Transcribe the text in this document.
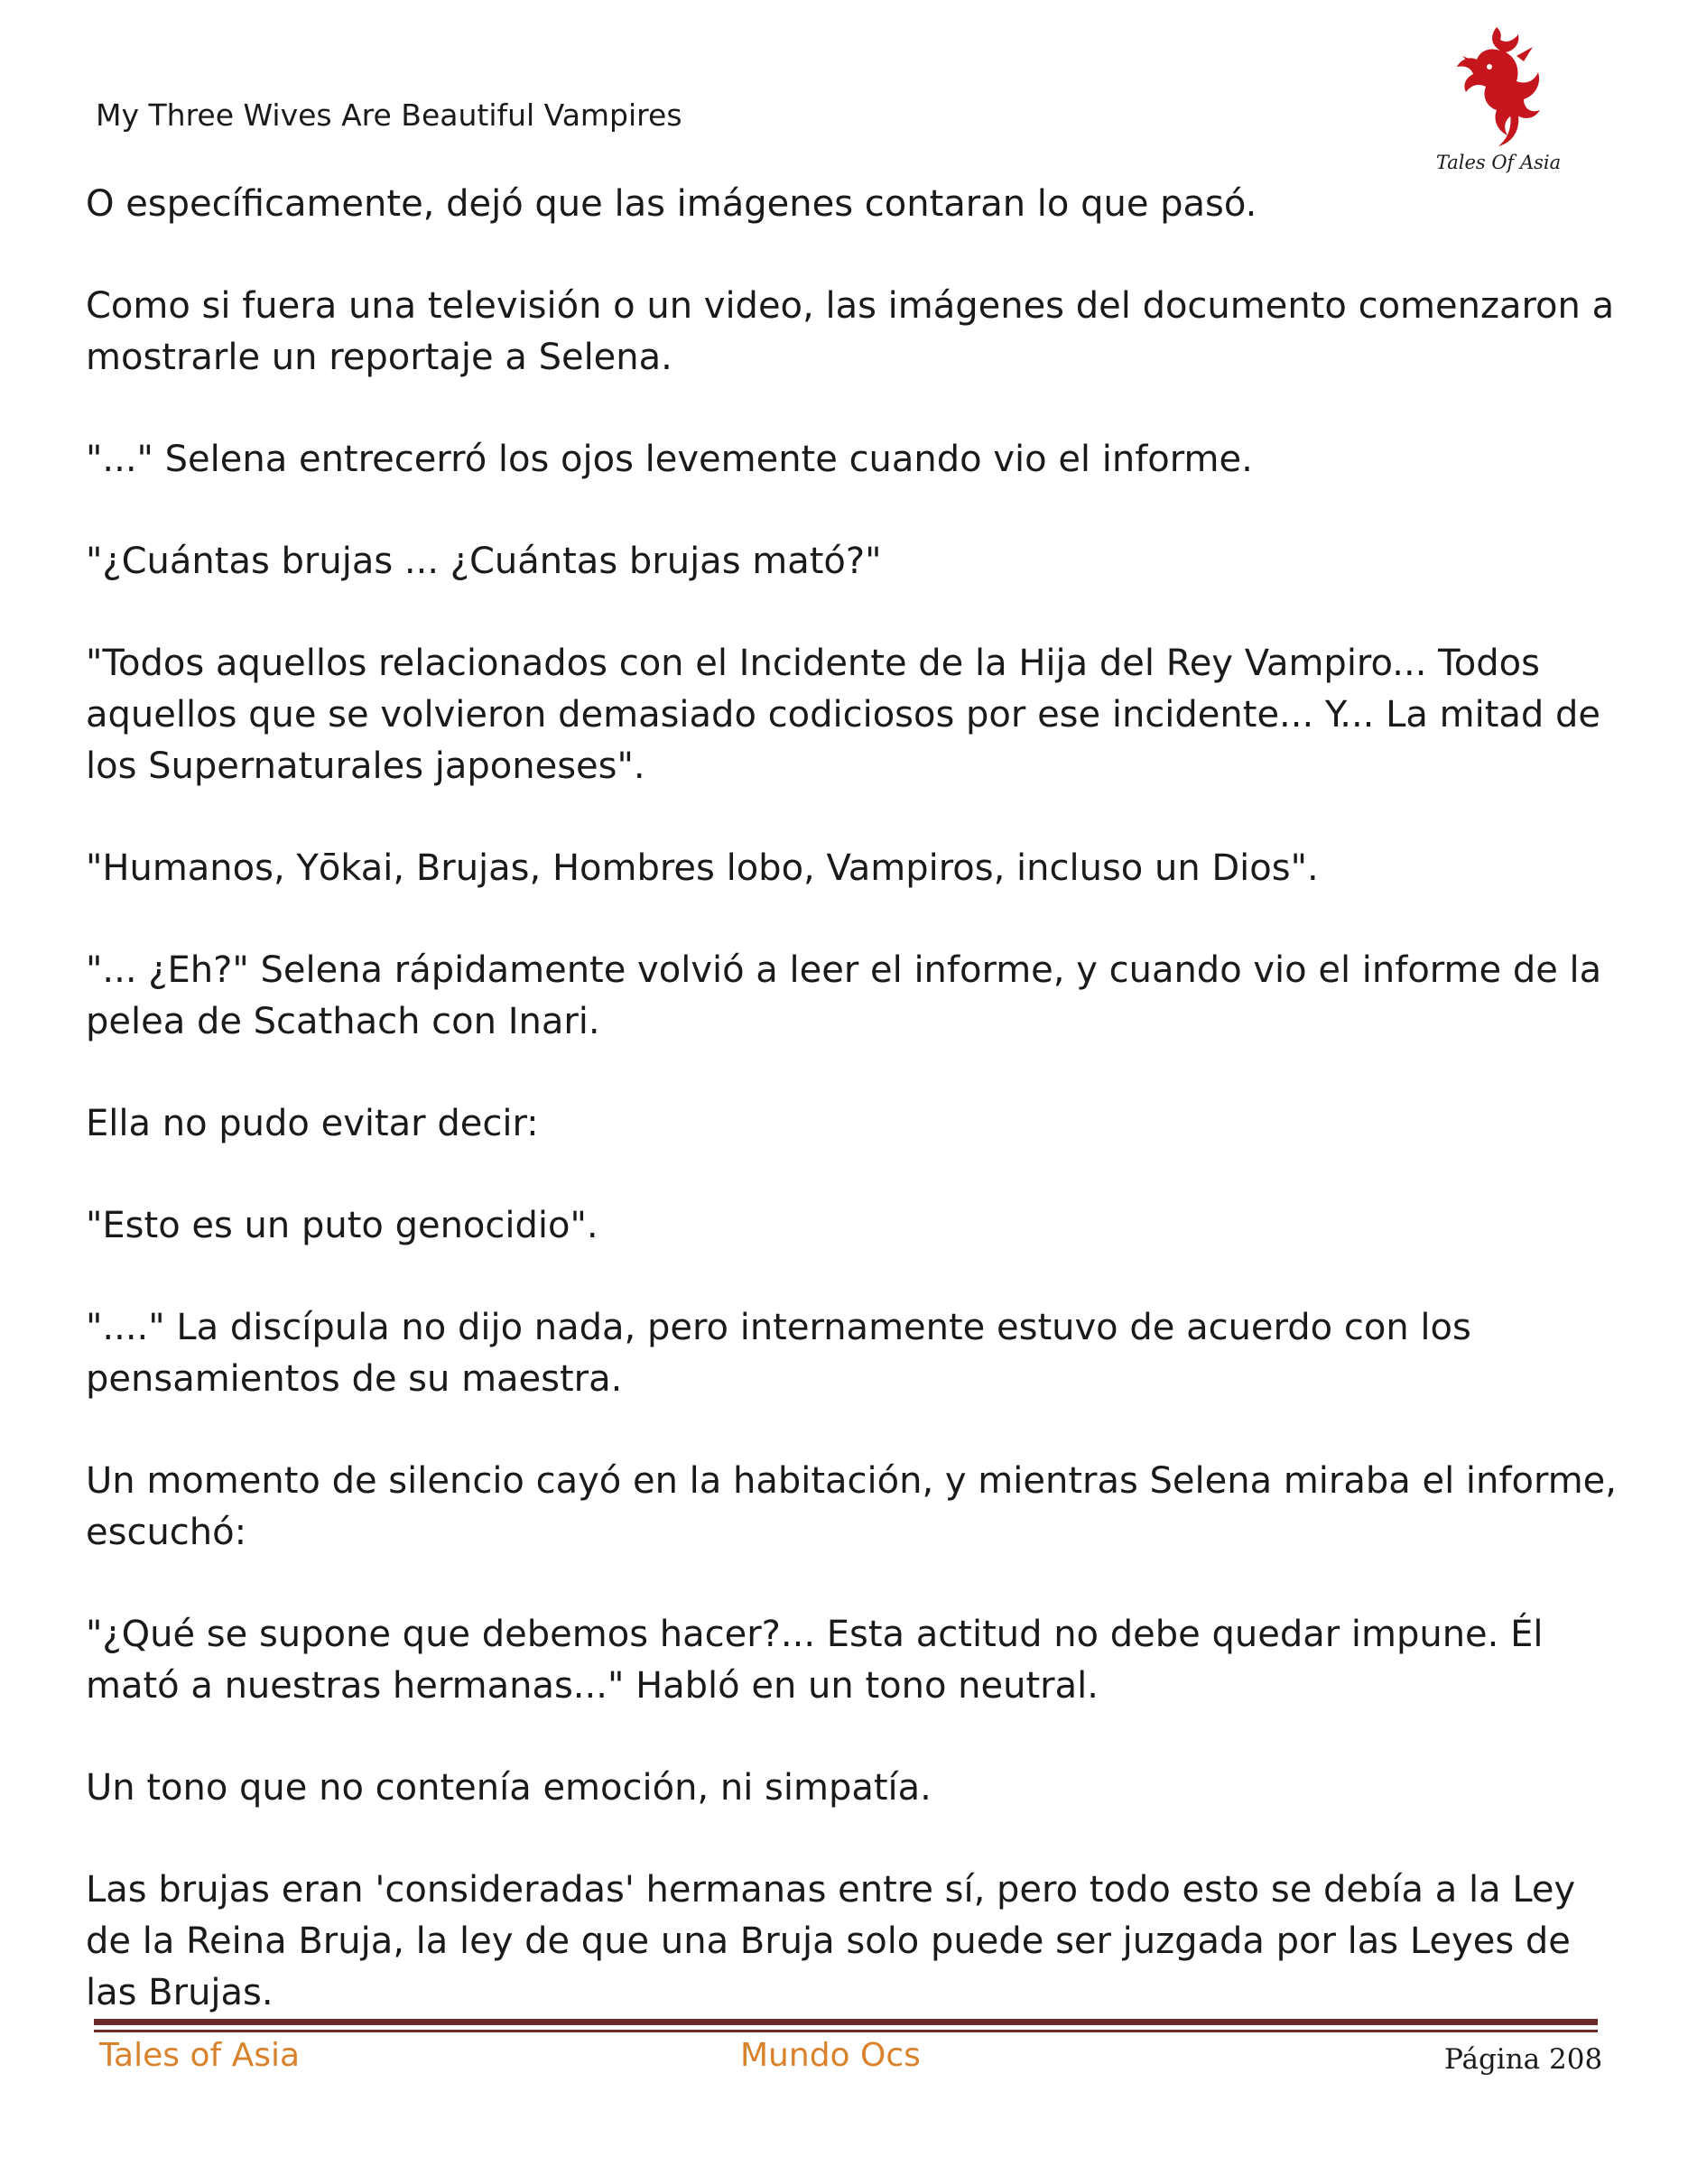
My Three Wives Are Beautiful Vampires
Tales Of Asia

O específicamente, dejó que las imágenes contaran lo que pasó.

Como si fuera una televisión o un video, las imágenes del documento comenzaron a mostrarle un reportaje a Selena.

"..." Selena entrecerró los ojos levemente cuando vio el informe.

"¿Cuántas brujas ... ¿Cuántas brujas mató?"

"Todos aquellos relacionados con el Incidente de la Hija del Rey Vampiro... Todos aquellos que se volvieron demasiado codiciosos por ese incidente... Y... La mitad de los Supernaturales japoneses".

"Humanos, Yōkai, Brujas, Hombres lobo, Vampiros, incluso un Dios".

"... ¿Eh?" Selena rápidamente volvió a leer el informe, y cuando vio el informe de la pelea de Scathach con Inari.

Ella no pudo evitar decir:

"Esto es un puto genocidio".

"...." La discípula no dijo nada, pero internamente estuvo de acuerdo con los pensamientos de su maestra.

Un momento de silencio cayó en la habitación, y mientras Selena miraba el informe, escuchó:

"¿Qué se supone que debemos hacer?... Esta actitud no debe quedar impune. Él mató a nuestras hermanas..." Habló en un tono neutral.

Un tono que no contenía emoción, ni simpatía.

Las brujas eran 'consideradas' hermanas entre sí, pero todo esto se debía a la Ley de la Reina Bruja, la ley de que una Bruja solo puede ser juzgada por las Leyes de las Brujas.

Tales of Asia	Mundo Ocs	Página 208
